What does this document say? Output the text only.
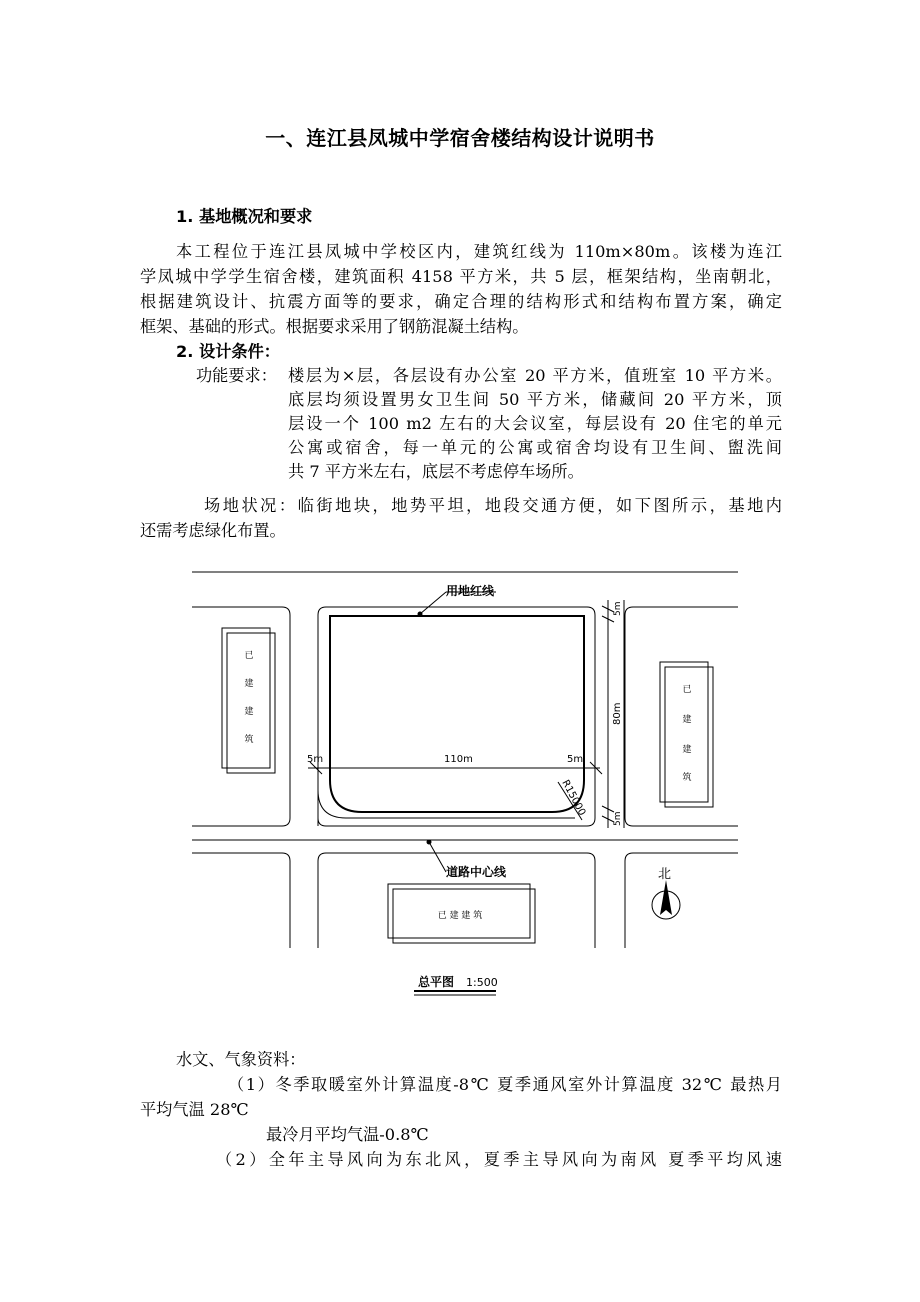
一、连江县凤城中学宿舍楼结构设计说明书
1. 基地概况和要求
本工程位于连江县凤城中学校区内，建筑红线为 110m×80m。该楼为连江
学凤城中学学生宿舍楼，建筑面积 4158 平方米，共 5 层，框架结构，坐南朝北，
根据建筑设计、抗震方面等的要求，确定合理的结构形式和结构布置方案，确定
框架、基础的形式。根据要求采用了钢筋混凝土结构。
2. 设计条件：
功能要求： 楼层为×层，各层设有办公室 20 平方米，值班室 10 平方米。
底层均须设置男女卫生间 50 平方米，储藏间 20 平方米，顶
层设一个 100 m2 左右的大会议室，每层设有 20 住宅的单元
公寓或宿舍，每一单元的公寓或宿舍均设有卫生间、盥洗间
共 7 平方米左右，底层不考虑停车场所。
场地状况：临街地块，地势平坦，地段交通方便，如下图所示，基地内
还需考虑绿化布置。
用地红线
道路中心线
5m	110m	5m
80m
5m
5m
R15000
已
建
建
筑
已
建
建
筑
已 建 建 筑
北
总平图 1:500
水文、气象资料：
（1）冬季取暖室外计算温度-8℃ 夏季通风室外计算温度 32℃ 最热月
平均气温 28℃
最冷月平均气温-0.8℃
（2）全年主导风向为东北风，夏季主导风向为南风 夏季平均风速
